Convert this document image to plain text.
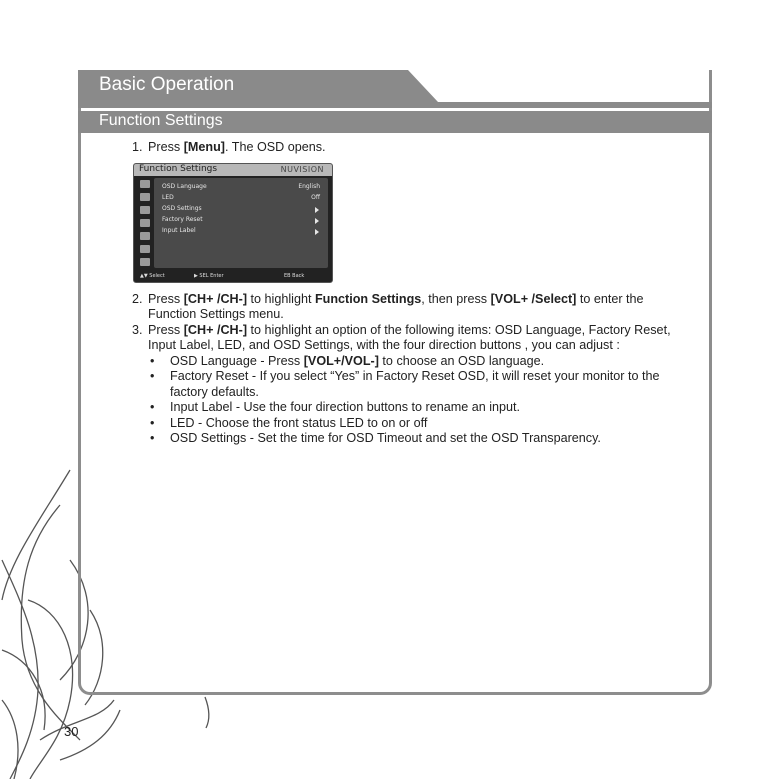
Basic Operation
Function Settings

1. Press [Menu]. The OSD opens.

2. Press [CH+ /CH-] to highlight Function Settings, then press [VOL+ /Select] to enter the Function Settings menu.

3. Press [CH+ /CH-] to highlight an option of the following items: OSD Language, Factory Reset, Input Label, LED, and OSD Settings, with the four direction buttons , you can adjust :

• OSD Language - Press [VOL+/VOL-] to choose an OSD language.
• Factory Reset - If you select “Yes” in Factory Reset OSD, it will reset your monitor to the factory defaults.
• Input Label - Use the four direction buttons to rename an input.
• LED - Choose the front status LED to on or off
• OSD Settings - Set the time for OSD Timeout and set the OSD Transparency.
Function Settings	NUVISION
OSD Language	English
LED	Off
OSD Settings
Factory Reset
Input Label
▲▼ Select	▶ SEL Enter	EB Back
30
